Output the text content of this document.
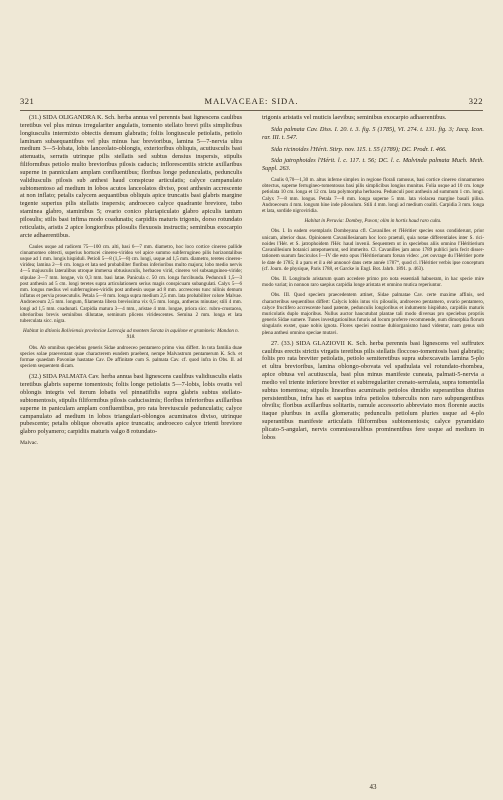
321	MALVACEAE: SIDA.	322

(31.) SIDA OLIGANDRA K. Sch. herba annua vel perennis basi lignescens caulibus teretibus vel plus minus irregulariter angulatis, tomento stellato brevi pilis simplicibus longiusculis intermixto obtectis demum glabratis; foliis longiuscule petiolatis, petiolo laminam subaequantibus vel plus minus hac brevioribus, lamina 5—7-nervia ultra medium 3—5-lobata, lobis lanceolato-oblongis, exterioribus obliquis, acutiusculis basi attenuatis, serratis utrinque pilis stellatis sed subtus densius inspersis, stipulis filiformibus petiolo multo brevioribus pilosis caducis; inflorescentiis stricte axillaribus superne in panniculam amplam confluentibus; floribus longe pedunculatis, pedunculis validiusculis pilosis sub anthesi haud conspicue articulatis; calyce campanulato subtomentoso ad medium in lobos acutos lanceolatos diviso, post anthesin accrescente at non inflato; petalis calycem aequantibus obliquis apice truncatis basi glabris margine tegente superius pilis stellatis inspersis; androeceo calyce quadrante breviore, tubo staminea glabro, staminibus 5; ovario conico pluriapiculato glabro apiculis tantum pilosulis; stilis basi infima modo coadunatis; carpidiis maturis trigonis, dorso rotundato reticulatis, aristis 2 apice longioribus pilosulis flexuosis instructis; seminibus exocarpio arcte adhaerentibus.

Caules usque ad radicem 75—100 cm. alti, basi 6—7 mm. diametro, hoc loco cortice cinereo pallide cinnamomeo obtecti, superius hortucei cinereo-viridea vel apice summo subferrugineo pilis horizontalibus usque ad 1 mm. longis hispiduli. Petioli 5—8 (1,5—8) cm. longi, usque ad 1,5 mm. diametro, teretes cinereo-viridea; lamina 2—6 cm. longa et lata sed probabiliter floribus inferioribus multo majora; lobo medio nervis 4—5 majusculis lateralibus utroque immersa obtusiusculis, herbaceo virid, cinereo vel subsanguineo-viride; stipulae 3—7 mm. longae, vix 0,3 mm. basi latae. Panicula c. 50 cm. longa furcibunda. Pedunculi 1,5—3 post anthesin ad 5 cm. longi teretes supra articulationem serius magis conspicuam subangulati. Calyx 5—6 mm. longus medius vel subferrugineo-viridis post anthesin usque ad 8 mm. accrescens tunc nilinis demum inflatus et pervia prosecutulis. Petala 5—8 mm. longa supra medium 2,5 mm. lata probabiliter colore Malvae. Androeceum 2,5 mm. longum, filamenta libera brevissima vix 0,5 mm. longa, antheras minutae; stili 4 mm. longi ad 1,5 mm. coadunati. Carpidia matura 3—4 mm., aristae 4 mm. longae, priora sicc. rubro-crustacea, ulterioribus brevis seminibus dilutatae, seminum plicens viridescentes. Semina 2 mm. longa et lata tuberculata sicc. nigra.

Habitat in ditionis Boliviensis provinciae Larecaja ad montem Sorata in aquilone et gramineis: Mandon n. 918.

Obs. Ab omnibus speciebus generis Sidae androeceo pentamero primo visu differt. In tota familia duae species solae praeventant quae characterem eundem praebent, nempe Malvastrum pentamerum K. Sch. et formae quaedam Pavoniae hastatae Cav. De affinitate cum S. palmata Cav. cf. quod infra in Obs. II. ad speciem sequentem dicam.

(32.) SIDA PALMATA Cav. herba annua basi lignescens caulibus validiusculis elatis teretibus glabris superne tomentosis; foliis longe petiolatis 5—7-lobis, lobis ovatis vel oblongis integris vel iterum lobatis vel pinnatifidis supra glabris subtus stellato-subtomentosis, stipulis filiformibus pilosis caducissimis; floribus inferioribus axillaribus superne in paniculam amplam confluentibus, pro rata breviuscule pedunculatis; calyce campanulato ad medium in lobos triangulari-oblongos acuminatos diviso, utrinque pubescente; petalis oblique obovatis apice truncatis; androeceo calyce trienti breviore glabro polyamero; carpidiis maturis valgo 8 rotundato-

Malvac.

trigonis aristatis vel muticis laevibus; seminibus exocarpio adhaerentibus.

Sida palmata Cav. Diss. I. 20. t. 3. fig. 5 (1785), VI. 274. t. 131. fig. 3; Jacq. Icon. rar. III. t. 547.

Sida ricinoides l'Hérit. Stirp. nov. 115. t. 55 (1789); DC. Prodr. I. 466.

Sida jatrophoides l'Hérit. l. c. 117. t. 56; DC. l. c. Malvinda palmata Much. Meth. Suppl. 263.

Caulis 0,70—1,30 m. altus inferne simplex in regione florali ramosus, basi cortice cinereo cinnamomeo obtectus, superne ferrugineo-tomentosus basi pilis simplicibus longius munitus. Folia usque ad 10 cm. longe petiolata 10 cm. longa et 12 cm. lata polymorpha herbacea. Pedunculi post anthesin ad summum 1 cm. longi. Calyx 7—8 mm. longus. Petala 7—8 mm. longa superne 5 mm. lata violacea margine basali pilisa. Androeceum 4 mm. longum hine inde pilosulum. Stili 4 mm. longi ad medium coaliti. Carpidia 3 mm. longa et lata, sordide nigroviridia.

Habitat in Peruvia: Dombey, Pavon; olim in hortis haud raro culta.

Obs. I. In eadem exemplaris Dombeyana cfl. Cavanilles et l'Héritier species sous condiderunt, prior unicam, alterior duas. Opinionem Cavanillesianam hoc loco praetuli, quia notae differentiales inter S. ricinoides l'Hér. et S. jatrophoidem l'Hér. haud invenii. Sequentem ut in speciebus aliis omnino l'Hérítierium Cavanillesium botanici antepotuerunt, sed immerito. Cl. Cavanilles jam anno 1789 publici juris fecit dissertationem suarum fasciculos I—IV die esto opus l'Héritierianum forsan video: „cet ouvrage du l'Héritier porte le date de 1785; il a paru et il a été annoncé dans cette année 1787“, quod cl. l'Héritier verbis ipse conceptum (cf. Journ. de physique, Paris 1788, et Garcke in Engl. Bot. Jahrb. 1891. p. 463).

Obs. II. Longitudo aristarum quam accedere primo pro nota essentiali habueram, in hac specie mire modo variat; in nonnon raro saepius carpidia longe aristata et omnino mutica reperiuntur.

Obs. III. Quod speciem praecedentem attinet, Sidae palmatae Cav. certe maxime affinis, sed characteribus sequentibus differt: Calycis lobis intus vix pilosulis, androeceo pentamero, ovario pentamero, calyce fructifero accrescente haud patente, pedunculis longioribus et indumento hispiduto, carpidiis maturis muricolatis duplo majoribus. Nullus auctor haucutubat plantae tali modo diversas pro speciebus propriis generis Sidae sumere. Tunes investigationibus futuris ad locum proferre recommende, num dimorphia florum singularis exstet, quae nobis ignota. Flores speciei nostrae dubiorganismo haud videntur, nam genus sub plena anthesi omnino speciae mutavi.

27. (33.) SIDA GLAZIOVII K. Sch. herba perennis basi lignescens vel suffrutex caulibus erectis strictis virgatis teretibus pilis stellatis floccoso-tomentosis basi glabratis; foliis pro rata breviter petiolatis, petiolo semiteretibus supra subexcavatis lamina 5-plo et ultra brevioribus, lamina oblongo-obovata vel spathulata vel rotundato-rhombea, apice obtusa vel acutiuscula, basi plus minus manifeste cuneata, palmati-5-nervia a medio vel triente inferiore breviter et subirregulariter crenato-serrulata, supra tomentella subtus tomentosa; stipulis linearibus acuminatis petiolos dimidio superantibus diutius persistentibus, infra has et saepius infra petiolos tuberculis non raro subpungentibus obvilis; floribus axillaribus solitariis, ramule accessorio abbreviato mox florente auctis itaque pluribus in axilla glomeratis; pedunculis petiolum pluries usque ad 4-plo superantibus manifeste articulatis filiformibus subtomentosis; calyce pyramidato plicato-5-angulari, nervis commissuralibus prominentibus fere usque ad medium in lobos

43
